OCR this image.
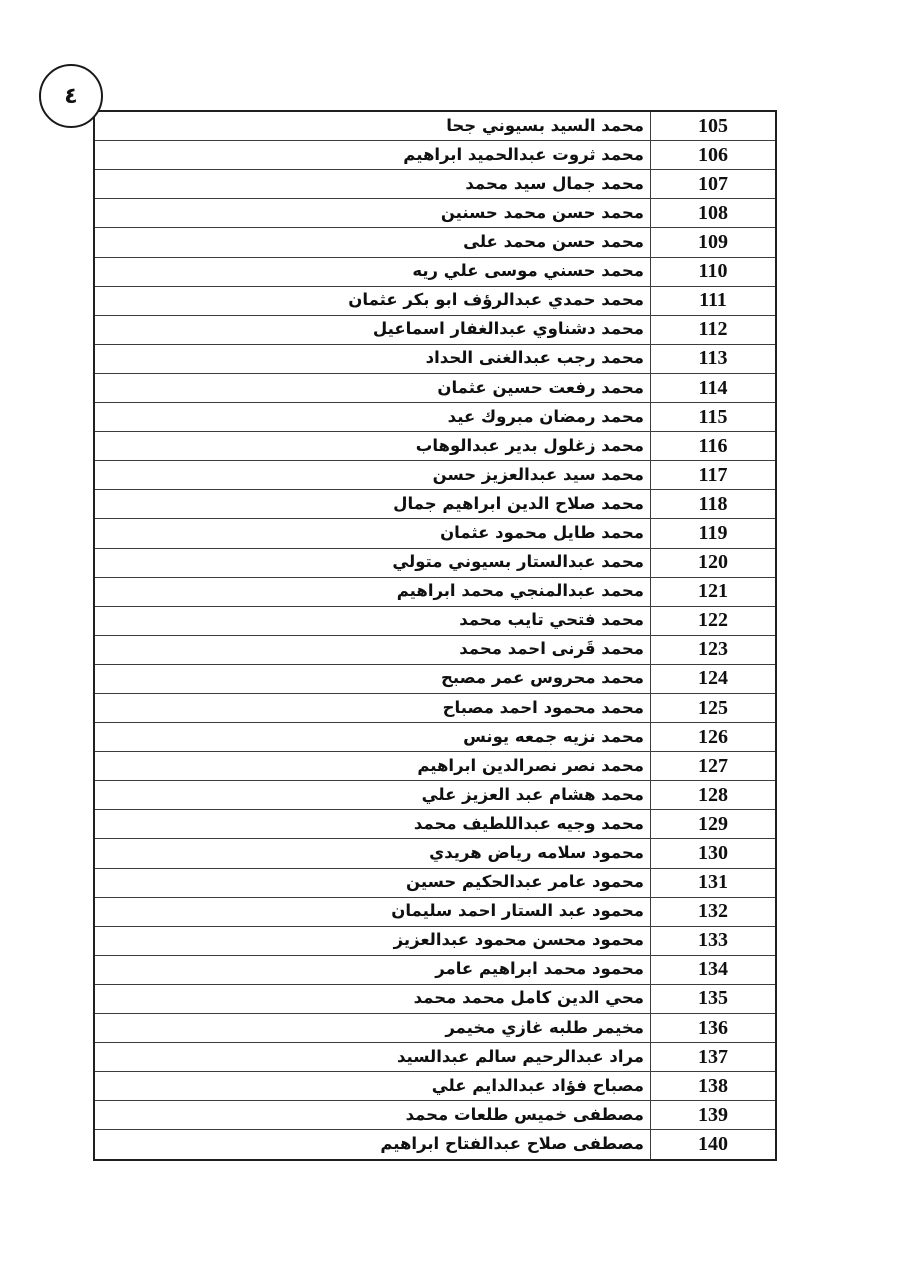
105	محمد السيد بسيوني جحا
106	محمد ثروت عبدالحميد ابراهيم
107	محمد جمال سيد محمد
108	محمد حسن محمد حسنين
109	محمد حسن محمد على
110	محمد حسني موسى علي ريه
111	محمد حمدي عبدالرؤف ابو بكر عثمان
112	محمد دشناوي عبدالغفار اسماعيل
113	محمد رجب عبدالغنى الحداد
114	محمد رفعت حسين عثمان
115	محمد رمضان مبروك عيد
116	محمد زغلول بدير عبدالوهاب
117	محمد سيد عبدالعزيز حسن
118	محمد صلاح الدين ابراهيم جمال
119	محمد طايل محمود عثمان
120	محمد عبدالستار بسيوني متولي
121	محمد عبدالمنجي محمد ابراهيم
122	محمد فتحي تايب محمد
123	محمد قَرنى احمد محمد
124	محمد محروس عمر مصبح
125	محمد محمود احمد مصباح
126	محمد نزيه جمعه يونس
127	محمد نصر نصرالدين ابراهيم
128	محمد هشام عبد العزيز علي
129	محمد وجيه عبداللطيف محمد
130	محمود سلامه رياض هريدي
131	محمود عامر عبدالحكيم حسين
132	محمود عبد الستار احمد سليمان
133	محمود محسن محمود عبدالعزيز
134	محمود محمد ابراهيم عامر
135	محي الدين كامل محمد محمد
136	مخيمر طلبه غازي مخيمر
137	مراد عبدالرحيم سالم عبدالسيد
138	مصباح فؤاد عبدالدايم علي
139	مصطفى خميس طلعات محمد
140	مصطفى صلاح عبدالفتاح ابراهيم
٤
